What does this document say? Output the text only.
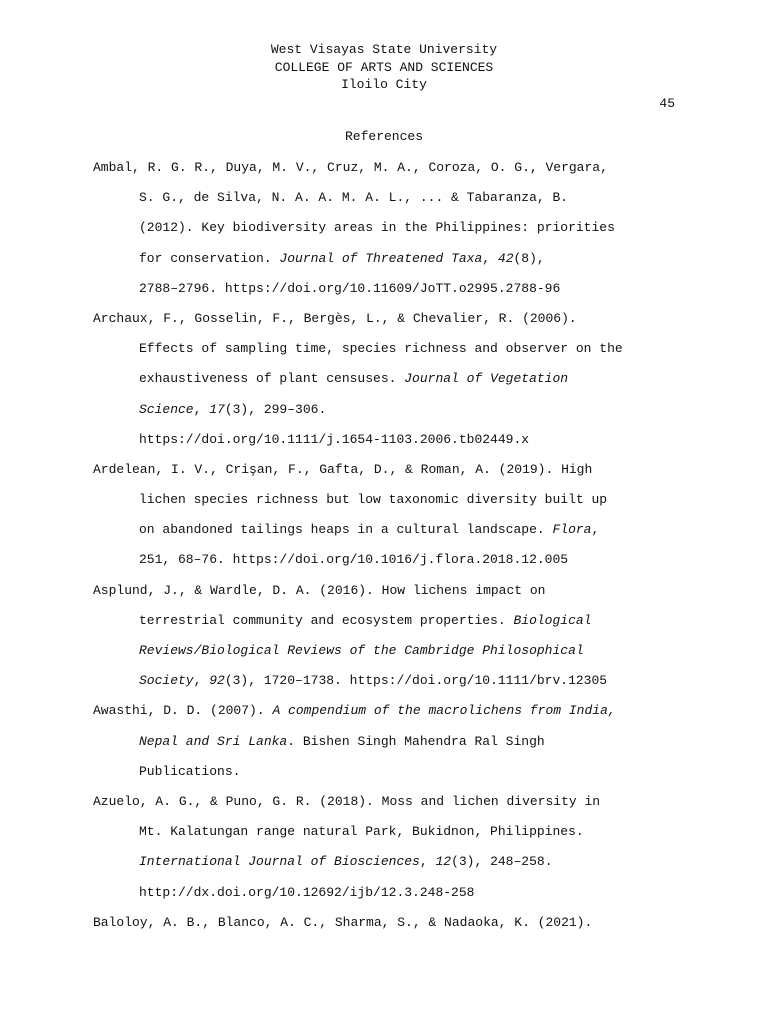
West Visayas State University
COLLEGE OF ARTS AND SCIENCES
Iloilo City
45
References
Ambal, R. G. R., Duya, M. V., Cruz, M. A., Coroza, O. G., Vergara,
S. G., de Silva, N. A. A. M. A. L., ... & Tabaranza, B.
(2012). Key biodiversity areas in the Philippines: priorities
for conservation. Journal of Threatened Taxa, 42(8),
2788–2796. https://doi.org/10.11609/JoTT.o2995.2788-96
Archaux, F., Gosselin, F., Bergès, L., & Chevalier, R. (2006).
Effects of sampling time, species richness and observer on the
exhaustiveness of plant censuses. Journal of Vegetation
Science, 17(3), 299–306.
https://doi.org/10.1111/j.1654-1103.2006.tb02449.x
Ardelean, I. V., Crişan, F., Gafta, D., & Roman, A. (2019). High
lichen species richness but low taxonomic diversity built up
on abandoned tailings heaps in a cultural landscape. Flora,
251, 68–76. https://doi.org/10.1016/j.flora.2018.12.005
Asplund, J., & Wardle, D. A. (2016). How lichens impact on
terrestrial community and ecosystem properties. Biological
Reviews/Biological Reviews of the Cambridge Philosophical
Society, 92(3), 1720–1738. https://doi.org/10.1111/brv.12305
Awasthi, D. D. (2007). A compendium of the macrolichens from India,
Nepal and Sri Lanka. Bishen Singh Mahendra Ral Singh
Publications.
Azuelo, A. G., & Puno, G. R. (2018). Moss and lichen diversity in
Mt. Kalatungan range natural Park, Bukidnon, Philippines.
International Journal of Biosciences, 12(3), 248–258.
http://dx.doi.org/10.12692/ijb/12.3.248-258
Baloloy, A. B., Blanco, A. C., Sharma, S., & Nadaoka, K. (2021).
